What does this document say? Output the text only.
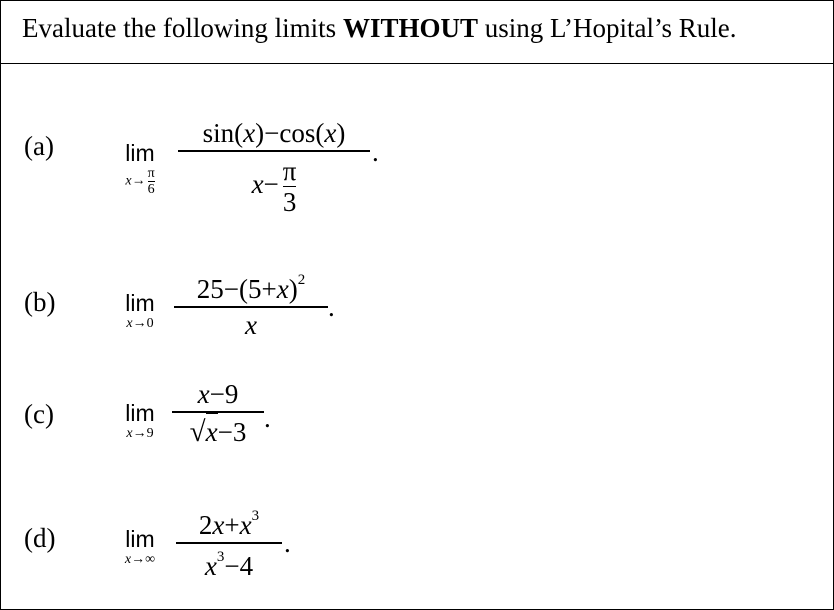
Evaluate the following limits WITHOUT using L’Hopital’s Rule.
(a)	lim
$x\to \frac{\pi}{6}$
sin(x)−cos(x)
$x- \frac{\pi}{3}$
.
(b)	lim
x→0
$25-(5+x)^2$
x
.
(c)	lim
x→9
x−9
√x−3 .
(d)	lim
x→∞
$2x+x^3$
$x^3-4$
.
